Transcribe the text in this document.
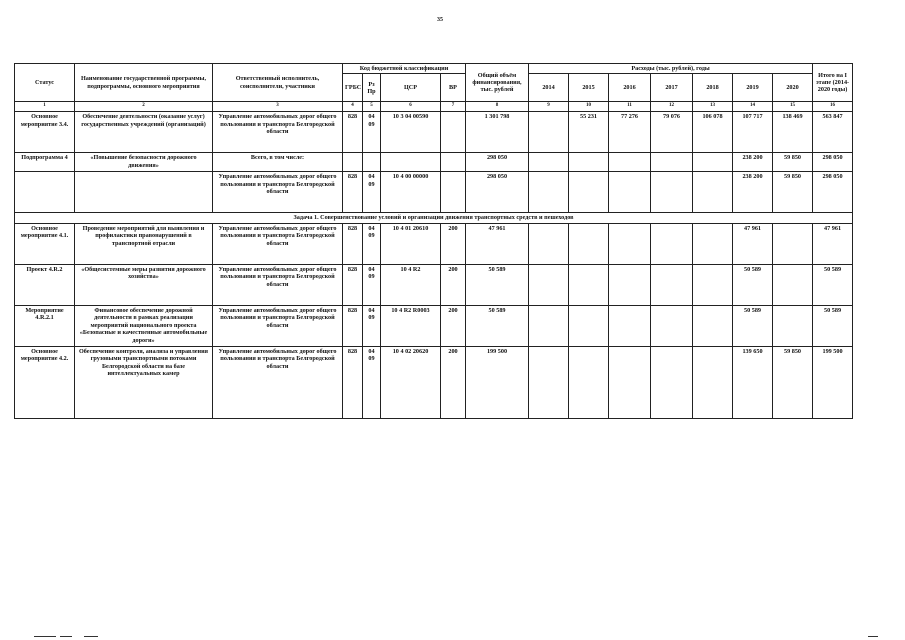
35
Статус	Наименование государственной программы, подпрограммы, основного мероприятия	Ответственный исполнитель, соисполнители, участники	Код бюджетной классификации				Общий объём финансирования, тыс. рублей	Расходы (тыс. рублей), годы							Итого на I этапе (2014-2020 годы)
			ГРБС	Рз Пр	ЦСР	ВР		2014	2015	2016	2017	2018	2019	2020	
1	2	3	4	5	6	7	8	9	10	11	12	13	14	15	16
Основное мероприятие 3.4.	Обеспечение деятельности (оказание услуг) государственных учреждений (организаций)	Управление автомобильных дорог общего пользования и транспорта Белгородской области	828	04 09	10 3 04 00590		1 301 798		55 231	77 276	79 076	106 078	107 717	138 469	563 847
Подпрограмма 4	«Повышение безопасности дорожного движения»	Всего, в том числе:					298 050						238 200	59 850	298 050
		Управление автомобильных дорог общего пользования и транспорта Белгородской области	828	04 09	10 4 00 00000		298 050						238 200	59 850	298 050
Задача 1. Совершенствование условий и организации движения транспортных средств и пешеходов															
Основное мероприятие 4.1.	Проведение мероприятий для выявления и профилактики правонарушений в транспортной отрасли	Управление автомобильных дорог общего пользования и транспорта Белгородской области	828	04 09	10 4 01 20610	200	47 961						47 961		47 961
Проект 4.R.2	«Общесистемные меры развития дорожного хозяйства»	Управление автомобильных дорог общего пользования и транспорта Белгородской области	828	04 09	10 4 R2	200	50 589						50 589		50 589
Мероприятие 4.R.2.1	Финансовое обеспечение дорожной деятельности в рамках реализации мероприятий национального проекта «Безопасные и качественные автомобильные дороги»	Управление автомобильных дорог общего пользования и транспорта Белгородской области	828	04 09	10 4 R2 R0003	200	50 589						50 589		50 589
Основное мероприятие 4.2.	Обеспечение контроля, анализа и управления грузовыми транспортными потоками Белгородской области на базе интеллектуальных камер	Управление автомобильных дорог общего пользования и транспорта Белгородской области	828	04 09	10 4 02 20620	200	199 500						139 650	59 850	199 500
